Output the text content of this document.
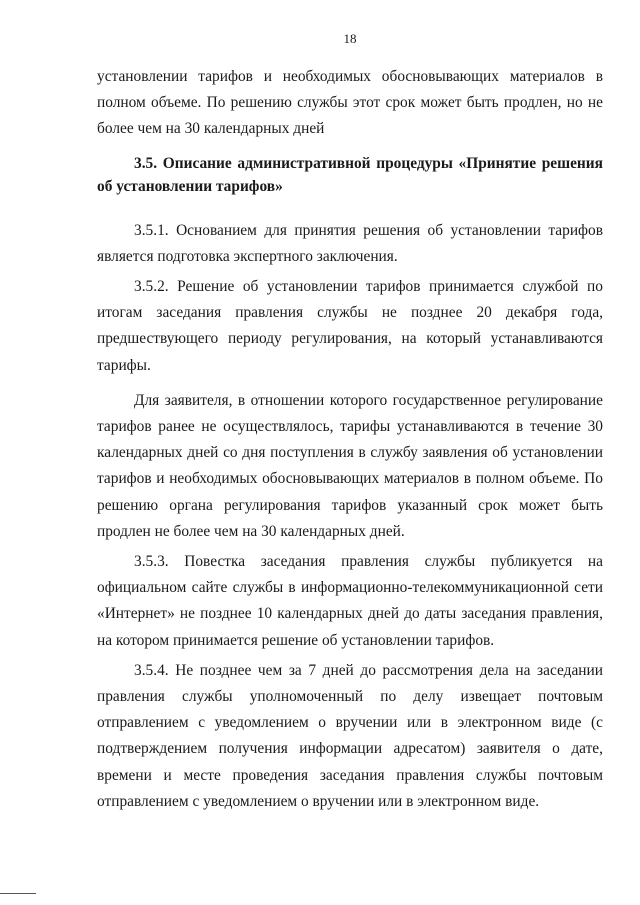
18

установлении тарифов и необходимых обосновывающих материалов в полном объеме. По решению службы этот срок может быть продлен, но не более чем на 30 календарных дней

3.5. Описание административной процедуры «Принятие решения об установлении тарифов»

3.5.1. Основанием для принятия решения об установлении тарифов является подготовка экспертного заключения.

3.5.2. Решение об установлении тарифов принимается службой по итогам заседания правления службы не позднее 20 декабря года, предшествующего периоду регулирования, на который устанавливаются тарифы.

Для заявителя, в отношении которого государственное регулирование тарифов ранее не осуществлялось, тарифы устанавливаются в течение 30 календарных дней со дня поступления в службу заявления об установлении тарифов и необходимых обосновывающих материалов в полном объеме. По решению органа регулирования тарифов указанный срок может быть продлен не более чем на 30 календарных дней.

3.5.3. Повестка заседания правления службы публикуется на официальном сайте службы в информационно-телекоммуникационной сети «Интернет» не позднее 10 календарных дней до даты заседания правления, на котором принимается решение об установлении тарифов.

3.5.4. Не позднее чем за 7 дней до рассмотрения дела на заседании правления службы уполномоченный по делу извещает почтовым отправлением с уведомлением о вручении или в электронном виде (с подтверждением получения информации адресатом) заявителя о дате, времени и месте проведения заседания правления службы почтовым отправлением с уведомлением о вручении или в электронном виде.
